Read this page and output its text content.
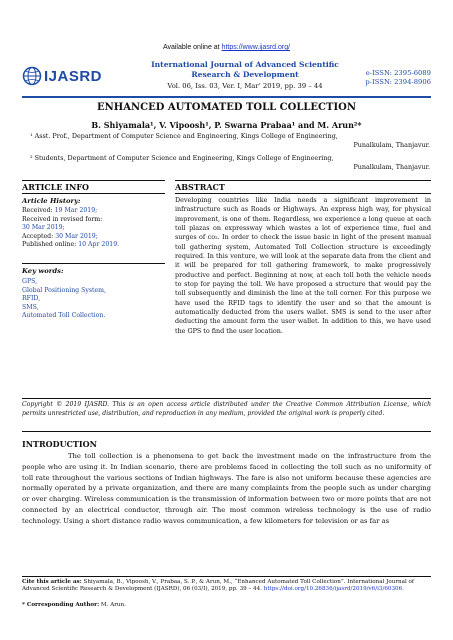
Available online at https://www.ijasrd.org/
IJASRD
International Journal of Advanced Scientific
Research & Development
Vol. 06, Iss. 03, Ver. I, Mar’ 2019, pp. 39 – 44
e-ISSN: 2395-6089
p-ISSN: 2394-8906
ENHANCED AUTOMATED TOLL COLLECTION
B. Shiyamala¹, V. Vipoosh¹, P. Swarna Prabaa¹ and M. Arun²*
¹ Asst. Prof., Department of Computer Science and Engineering, Kings College of Engineering,
Punalkulam, Thanjavur.
² Students, Department of Computer Science and Engineering, Kings College of Engineering,
Punalkulam, Thanjavur.
ARTICLE INFO	ABSTRACT
Article History:
Received: 19 Mar 2019;
Received in revised form:
30 Mar 2019;
Accepted: 30 Mar 2019;
Published online: 10 Apr 2019.
Key words:
GPS,
Global Positioning System,
RFID,
SMS,
Automated Toll Collection.
Developing countries like India needs a significant improvement in infrastructure such as Roads or Highways. An express high way, for physical improvement, is one of them. Regardless, we experience a long queue at each toll plazas on expressway which wastes a lot of experience time, fuel and surges of co₂. In order to check the issue basic in light of the present manual toll gathering system, Automated Toll Collection structure is exceedingly required. In this venture, we will look at the separate data from the client and it will be prepared for toll gathering framework, to make progressively productive and perfect. Beginning at now, at each toll both the vehicle needs to stop for paying the toll. We have proposed a structure that would pay the toll subsequently and diminish the line at the toll corner. For this purpose we have used the RFID tags to identify the user and so that the amount is automatically deducted from the users wallet. SMS is send to the user after deducting the amount form the user wallet. In addition to this, we have used the GPS to find the user location.
Copyright © 2019 IJASRD. This is an open access article distributed under the Creative Common Attribution License, which permits unrestricted use, distribution, and reproduction in any medium, provided the original work is properly cited.
INTRODUCTION
The toll collection is a phenomena to get back the investment made on the infrastructure from the people who are using it. In Indian scenario, there are problems faced in collecting the toll such as no uniformity of toll rate throughout the various sections of Indian highways. The fare is also not uniform because these agencies are normally operated by a private organization, and there are many complaints from the people such as under charging or over charging. Wireless communication is the transmission of information between two or more points that are not connected by an electrical conductor, through air. The most common wireless technology is the use of radio technology. Using a short distance radio waves communication, a few kilometers for television or as far as
Cite this article as: Shiyamala, B., Vipoosh, V., Prabaa, S. P., & Arun, M., “Enhanced Automated Toll Collection”. International Journal of Advanced Scientific Research & Development (IJASRD), 06 (03/I), 2019, pp. 39 – 44. https://doi.org/10.26836/ijasrd/2019/v6/i3/60306.
* Corresponding Author: M. Arun.
